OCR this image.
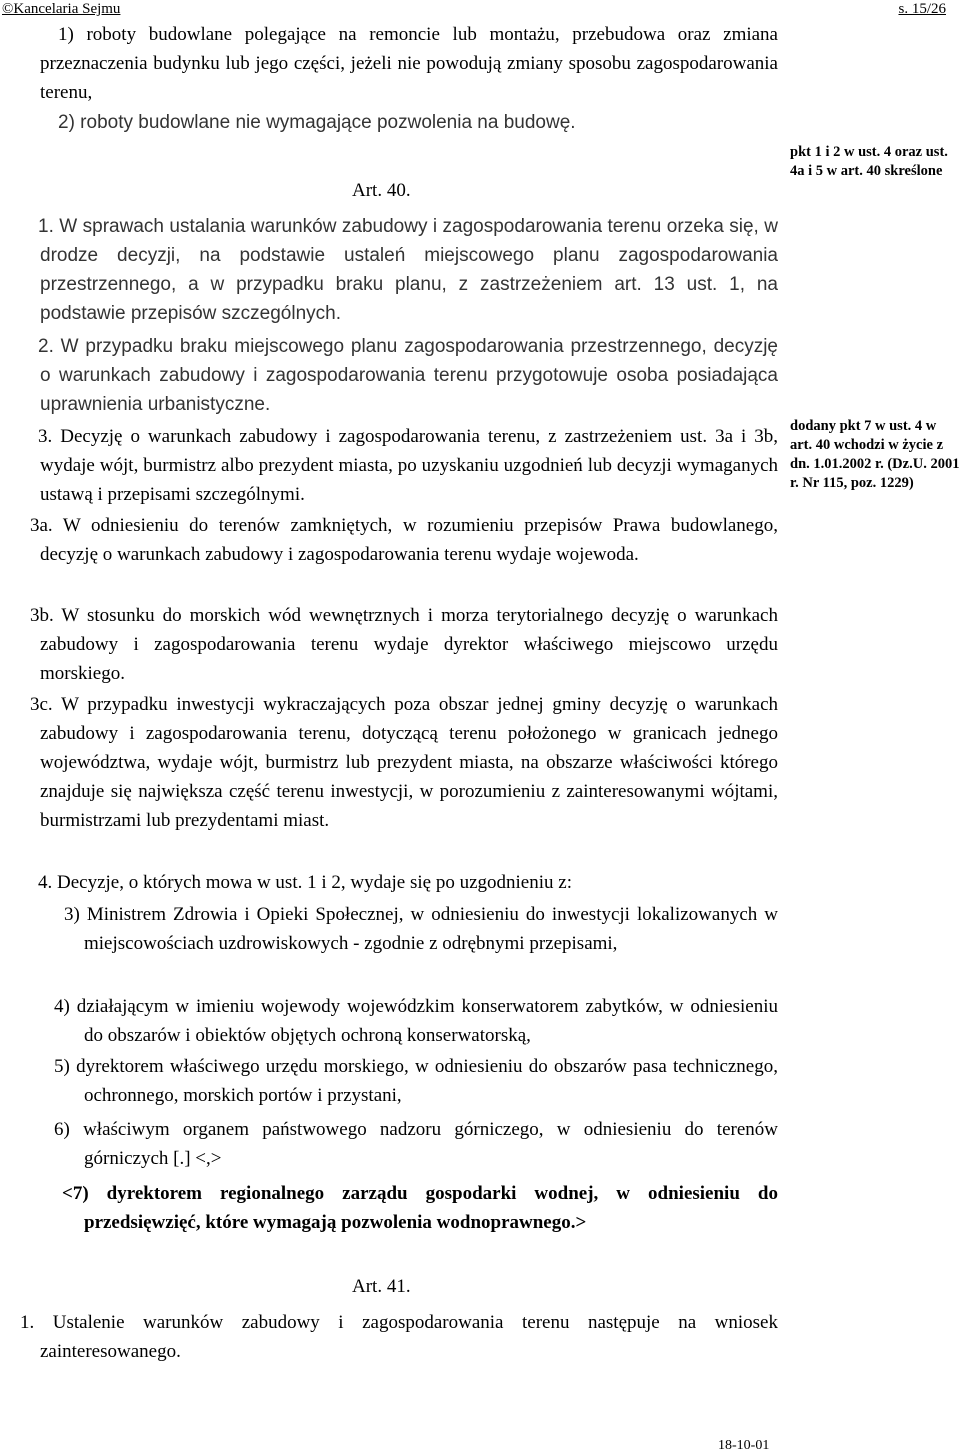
©Kancelaria Sejmu	s. 15/26
1) roboty budowlane polegające na remoncie lub montażu, przebudowa oraz zmiana przeznaczenia budynku lub jego części, jeżeli nie powodują zmiany sposobu zagospodarowania terenu,
2) roboty budowlane nie wymagające pozwolenia na budowę.
Art. 40.
1. W sprawach ustalania warunków zabudowy i zagospodarowania terenu orzeka się, w drodze decyzji, na podstawie ustaleń miejscowego planu zagospodarowania przestrzennego, a w przypadku braku planu, z zastrzeżeniem art. 13 ust. 1, na podstawie przepisów szczególnych.
2. W przypadku braku miejscowego planu zagospodarowania przestrzennego, decyzję o warunkach zabudowy i zagospodarowania terenu przygotowuje osoba posiadająca uprawnienia urbanistyczne.
3. Decyzję o warunkach zabudowy i zagospodarowania terenu, z zastrzeżeniem ust. 3a i 3b, wydaje wójt, burmistrz albo prezydent miasta, po uzyskaniu uzgodnień lub decyzji wymaganych ustawą i przepisami szczególnymi.
3a. W odniesieniu do terenów zamkniętych, w rozumieniu przepisów Prawa budowlanego, decyzję o warunkach zabudowy i zagospodarowania terenu wydaje wojewoda.
3b. W stosunku do morskich wód wewnętrznych i morza terytorialnego decyzję o warunkach zabudowy i zagospodarowania terenu wydaje dyrektor właściwego miejscowo urzędu morskiego.
3c. W przypadku inwestycji wykraczających poza obszar jednej gminy decyzję o warunkach zabudowy i zagospodarowania terenu, dotyczącą terenu położonego w granicach jednego województwa, wydaje wójt, burmistrz lub prezydent miasta, na obszarze właściwości którego znajduje się największa część terenu inwestycji, w porozumieniu z zainteresowanymi wójtami, burmistrzami lub prezydentami miast.
4. Decyzje, o których mowa w ust. 1 i 2, wydaje się po uzgodnieniu z:
3) Ministrem Zdrowia i Opieki Społecznej, w odniesieniu do inwestycji lokalizowanych w miejscowościach uzdrowiskowych - zgodnie z odrębnymi przepisami,
4) działającym w imieniu wojewody wojewódzkim konserwatorem zabytków, w odniesieniu do obszarów i obiektów objętych ochroną konserwatorską,
5) dyrektorem właściwego urzędu morskiego, w odniesieniu do obszarów pasa technicznego, ochronnego, morskich portów i przystani,
6) właściwym organem państwowego nadzoru górniczego, w odniesieniu do terenów górniczych [.] <,>
<7) dyrektorem regionalnego zarządu gospodarki wodnej, w odniesieniu do przedsięwzięć, które wymagają pozwolenia wodnoprawnego.>
Art. 41.
1. Ustalenie warunków zabudowy i zagospodarowania terenu następuje na wniosek zainteresowanego.
pkt 1 i 2 w ust. 4 oraz ust. 4a i 5 w art. 40 skreślone
dodany pkt 7 w ust. 4 w art. 40 wchodzi w życie z dn. 1.01.2002 r. (Dz.U. 2001 r. Nr 115, poz. 1229)
18-10-01
